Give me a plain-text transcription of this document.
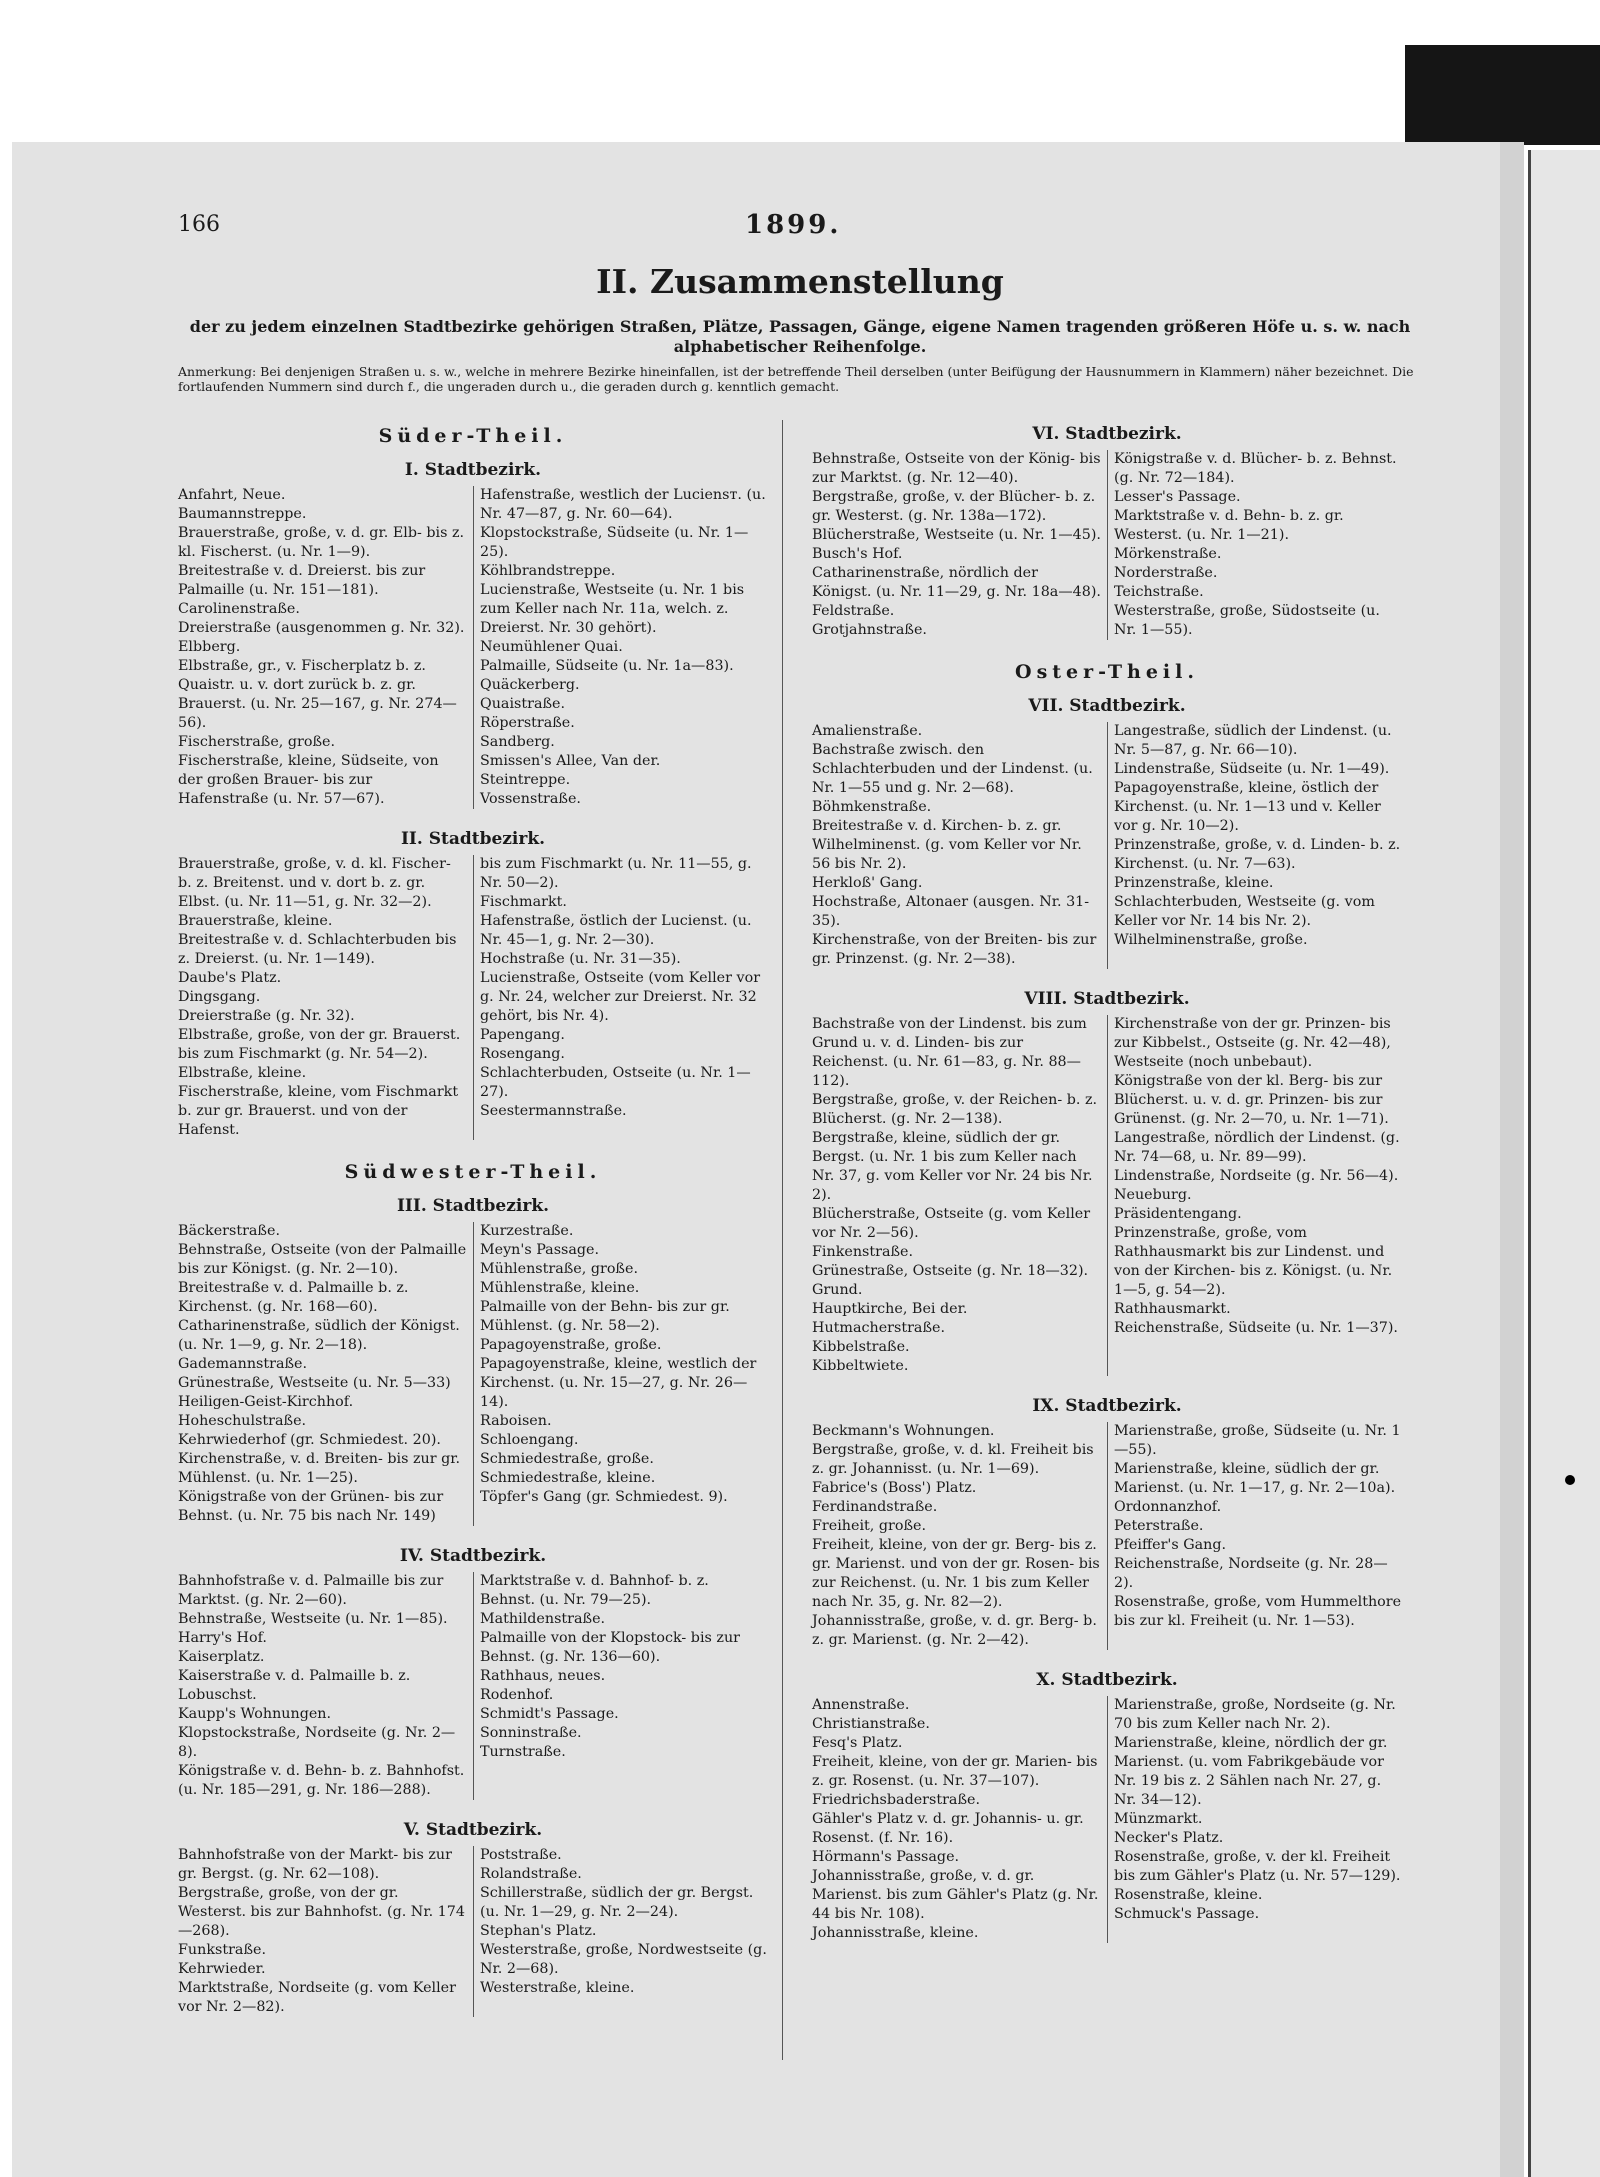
166	1899.
II. Zusammenstellung
der zu jedem einzelnen Stadtbezirke gehörigen Straßen, Plätze, Passagen, Gänge, eigene Namen tragenden größeren Höfe u. s. w. nach alphabetischer Reihenfolge.
Anmerkung: Bei denjenigen Straßen u. s. w., welche in mehrere Bezirke hineinfallen, ist der betreffende Theil derselben (unter Beifügung der Hausnummern in Klammern) näher bezeichnet. Die fortlaufenden Nummern sind durch f., die ungeraden durch u., die geraden durch g. kenntlich gemacht.
Süder-Theil.
I. Stadtbezirk.
Anfahrt, Neue.
Baumannstreppe.
Brauerstraße, große, v. d. gr. Elb- bis z. kl. Fischerst. (u. Nr. 1—9).
Breitestraße v. d. Dreierst. bis zur Palmaille (u. Nr. 151—181).
Carolinenstraße.
Dreierstraße (ausgenommen g. Nr. 32).
Elbberg.
Elbstraße, gr., v. Fischerplatz b. z. Quaistr. u. v. dort zurück b. z. gr. Brauerst. (u. Nr. 25—167, g. Nr. 274—56).
Fischerstraße, große.
Fischerstraße, kleine, Südseite, von der großen Brauer- bis zur Hafenstraße (u. Nr. 57—67).
Hafenstraße, westlich der Luciensт. (u. Nr. 47—87, g. Nr. 60—64).
Klopstockstraße, Südseite (u. Nr. 1—25).
Köhlbrandstreppe.
Lucienstraße, Westseite (u. Nr. 1 bis zum Keller nach Nr. 11a, welch. z. Dreierst. Nr. 30 gehört).
Neumühlener Quai.
Palmaille, Südseite (u. Nr. 1a—83).
Quäckerberg.
Quaistraße.
Röperstraße.
Sandberg.
Smissen's Allee, Van der.
Steintreppe.
Vossenstraße.
II. Stadtbezirk.
Brauerstraße, große, v. d. kl. Fischer- b. z. Breitenst. und v. dort b. z. gr. Elbst. (u. Nr. 11—51, g. Nr. 32—2).
Brauerstraße, kleine.
Breitestraße v. d. Schlachterbuden bis z. Dreierst. (u. Nr. 1—149).
Daube's Platz.
Dingsgang.
Dreierstraße (g. Nr. 32).
Elbstraße, große, von der gr. Brauerst. bis zum Fischmarkt (g. Nr. 54—2).
Elbstraße, kleine.
Fischerstraße, kleine, vom Fischmarkt b. zur gr. Brauerst. und von der Hafenst.
bis zum Fischmarkt (u. Nr. 11—55, g. Nr. 50—2).
Fischmarkt.
Hafenstraße, östlich der Lucienst. (u. Nr. 45—1, g. Nr. 2—30).
Hochstraße (u. Nr. 31—35).
Lucienstraße, Ostseite (vom Keller vor g. Nr. 24, welcher zur Dreierst. Nr. 32 gehört, bis Nr. 4).
Papengang.
Rosengang.
Schlachterbuden, Ostseite (u. Nr. 1—27).
Seestermannstraße.
Südwester-Theil.
III. Stadtbezirk.
Bäckerstraße.
Behnstraße, Ostseite (von der Palmaille bis zur Königst. (g. Nr. 2—10).
Breitestraße v. d. Palmaille b. z. Kirchenst. (g. Nr. 168—60).
Catharinenstraße, südlich der Königst. (u. Nr. 1—9, g. Nr. 2—18).
Gademannstraße.
Grünestraße, Westseite (u. Nr. 5—33)
Heiligen-Geist-Kirchhof.
Hoheschulstraße.
Kehrwiederhof (gr. Schmiedest. 20).
Kirchenstraße, v. d. Breiten- bis zur gr. Mühlenst. (u. Nr. 1—25).
Königstraße von der Grünen- bis zur Behnst. (u. Nr. 75 bis nach Nr. 149)
Kurzestraße.
Meyn's Passage.
Mühlenstraße, große.
Mühlenstraße, kleine.
Palmaille von der Behn- bis zur gr. Mühlenst. (g. Nr. 58—2).
Papagoyenstraße, große.
Papagoyenstraße, kleine, westlich der Kirchenst. (u. Nr. 15—27, g. Nr. 26—14).
Raboisen.
Schloengang.
Schmiedestraße, große.
Schmiedestraße, kleine.
Töpfer's Gang (gr. Schmiedest. 9).
IV. Stadtbezirk.
Bahnhofstraße v. d. Palmaille bis zur Marktst. (g. Nr. 2—60).
Behnstraße, Westseite (u. Nr. 1—85).
Harry's Hof.
Kaiserplatz.
Kaiserstraße v. d. Palmaille b. z. Lobuschst.
Kaupp's Wohnungen.
Klopstockstraße, Nordseite (g. Nr. 2—8).
Königstraße v. d. Behn- b. z. Bahnhofst. (u. Nr. 185—291, g. Nr. 186—288).
Marktstraße v. d. Bahnhof- b. z. Behnst. (u. Nr. 79—25).
Mathildenstraße.
Palmaille von der Klopstock- bis zur Behnst. (g. Nr. 136—60).
Rathhaus, neues.
Rodenhof.
Schmidt's Passage.
Sonninstraße.
Turnstraße.
V. Stadtbezirk.
Bahnhofstraße von der Markt- bis zur gr. Bergst. (g. Nr. 62—108).
Bergstraße, große, von der gr. Westerst. bis zur Bahnhofst. (g. Nr. 174—268).
Funkstraße.
Kehrwieder.
Marktstraße, Nordseite (g. vom Keller vor Nr. 2—82).
Poststraße.
Rolandstraße.
Schillerstraße, südlich der gr. Bergst. (u. Nr. 1—29, g. Nr. 2—24).
Stephan's Platz.
Westerstraße, große, Nordwestseite (g. Nr. 2—68).
Westerstraße, kleine.
VI. Stadtbezirk.
Behnstraße, Ostseite von der König- bis zur Marktst. (g. Nr. 12—40).
Bergstraße, große, v. der Blücher- b. z. gr. Westerst. (g. Nr. 138a—172).
Blücherstraße, Westseite (u. Nr. 1—45).
Busch's Hof.
Catharinenstraße, nördlich der Königst. (u. Nr. 11—29, g. Nr. 18a—48).
Feldstraße.
Grotjahnstraße.
Königstraße v. d. Blücher- b. z. Behnst. (g. Nr. 72—184).
Lesser's Passage.
Marktstraße v. d. Behn- b. z. gr. Westerst. (u. Nr. 1—21).
Mörkenstraße.
Norderstraße.
Teichstraße.
Westerstraße, große, Südostseite (u. Nr. 1—55).
Oster-Theil.
VII. Stadtbezirk.
Amalienstraße.
Bachstraße zwisch. den Schlachterbuden und der Lindenst. (u. Nr. 1—55 und g. Nr. 2—68).
Böhmkenstraße.
Breitestraße v. d. Kirchen- b. z. gr. Wilhelminenst. (g. vom Keller vor Nr. 56 bis Nr. 2).
Herkloß' Gang.
Hochstraße, Altonaer (ausgen. Nr. 31-35).
Kirchenstraße, von der Breiten- bis zur gr. Prinzenst. (g. Nr. 2—38).
Langestraße, südlich der Lindenst. (u. Nr. 5—87, g. Nr. 66—10).
Lindenstraße, Südseite (u. Nr. 1—49).
Papagoyenstraße, kleine, östlich der Kirchenst. (u. Nr. 1—13 und v. Keller vor g. Nr. 10—2).
Prinzenstraße, große, v. d. Linden- b. z. Kirchenst. (u. Nr. 7—63).
Prinzenstraße, kleine.
Schlachterbuden, Westseite (g. vom Keller vor Nr. 14 bis Nr. 2).
Wilhelminenstraße, große.
VIII. Stadtbezirk.
Bachstraße von der Lindenst. bis zum Grund u. v. d. Linden- bis zur Reichenst. (u. Nr. 61—83, g. Nr. 88—112).
Bergstraße, große, v. der Reichen- b. z. Blücherst. (g. Nr. 2—138).
Bergstraße, kleine, südlich der gr. Bergst. (u. Nr. 1 bis zum Keller nach Nr. 37, g. vom Keller vor Nr. 24 bis Nr. 2).
Blücherstraße, Ostseite (g. vom Keller vor Nr. 2—56).
Finkenstraße.
Grünestraße, Ostseite (g. Nr. 18—32).
Grund.
Hauptkirche, Bei der.
Hutmacherstraße.
Kibbelstraße.
Kibbeltwiete.
Kirchenstraße von der gr. Prinzen- bis zur Kibbelst., Ostseite (g. Nr. 42—48), Westseite (noch unbebaut).
Königstraße von der kl. Berg- bis zur Blücherst. u. v. d. gr. Prinzen- bis zur Grünenst. (g. Nr. 2—70, u. Nr. 1—71).
Langestraße, nördlich der Lindenst. (g. Nr. 74—68, u. Nr. 89—99).
Lindenstraße, Nordseite (g. Nr. 56—4).
Neueburg.
Präsidentengang.
Prinzenstraße, große, vom Rathhausmarkt bis zur Lindenst. und von der Kirchen- bis z. Königst. (u. Nr. 1—5, g. 54—2).
Rathhausmarkt.
Reichenstraße, Südseite (u. Nr. 1—37).
IX. Stadtbezirk.
Beckmann's Wohnungen.
Bergstraße, große, v. d. kl. Freiheit bis z. gr. Johannisst. (u. Nr. 1—69).
Fabrice's (Boss') Platz.
Ferdinandstraße.
Freiheit, große.
Freiheit, kleine, von der gr. Berg- bis z. gr. Marienst. und von der gr. Rosen- bis zur Reichenst. (u. Nr. 1 bis zum Keller nach Nr. 35, g. Nr. 82—2).
Johannisstraße, große, v. d. gr. Berg- b. z. gr. Marienst. (g. Nr. 2—42).
Marienstraße, große, Südseite (u. Nr. 1—55).
Marienstraße, kleine, südlich der gr. Marienst. (u. Nr. 1—17, g. Nr. 2—10a).
Ordonnanzhof.
Peterstraße.
Pfeiffer's Gang.
Reichenstraße, Nordseite (g. Nr. 28—2).
Rosenstraße, große, vom Hummelthore bis zur kl. Freiheit (u. Nr. 1—53).
X. Stadtbezirk.
Annenstraße.
Christianstraße.
Fesq's Platz.
Freiheit, kleine, von der gr. Marien- bis z. gr. Rosenst. (u. Nr. 37—107).
Friedrichsbaderstraße.
Gähler's Platz v. d. gr. Johannis- u. gr. Rosenst. (f. Nr. 16).
Hörmann's Passage.
Johannisstraße, große, v. d. gr. Marienst. bis zum Gähler's Platz (g. Nr. 44 bis Nr. 108).
Johannisstraße, kleine.
Marienstraße, große, Nordseite (g. Nr. 70 bis zum Keller nach Nr. 2).
Marienstraße, kleine, nördlich der gr. Marienst. (u. vom Fabrikgebäude vor Nr. 19 bis z. 2 Sählen nach Nr. 27, g. Nr. 34—12).
Münzmarkt.
Necker's Platz.
Rosenstraße, große, v. der kl. Freiheit bis zum Gähler's Platz (u. Nr. 57—129).
Rosenstraße, kleine.
Schmuck's Passage.
